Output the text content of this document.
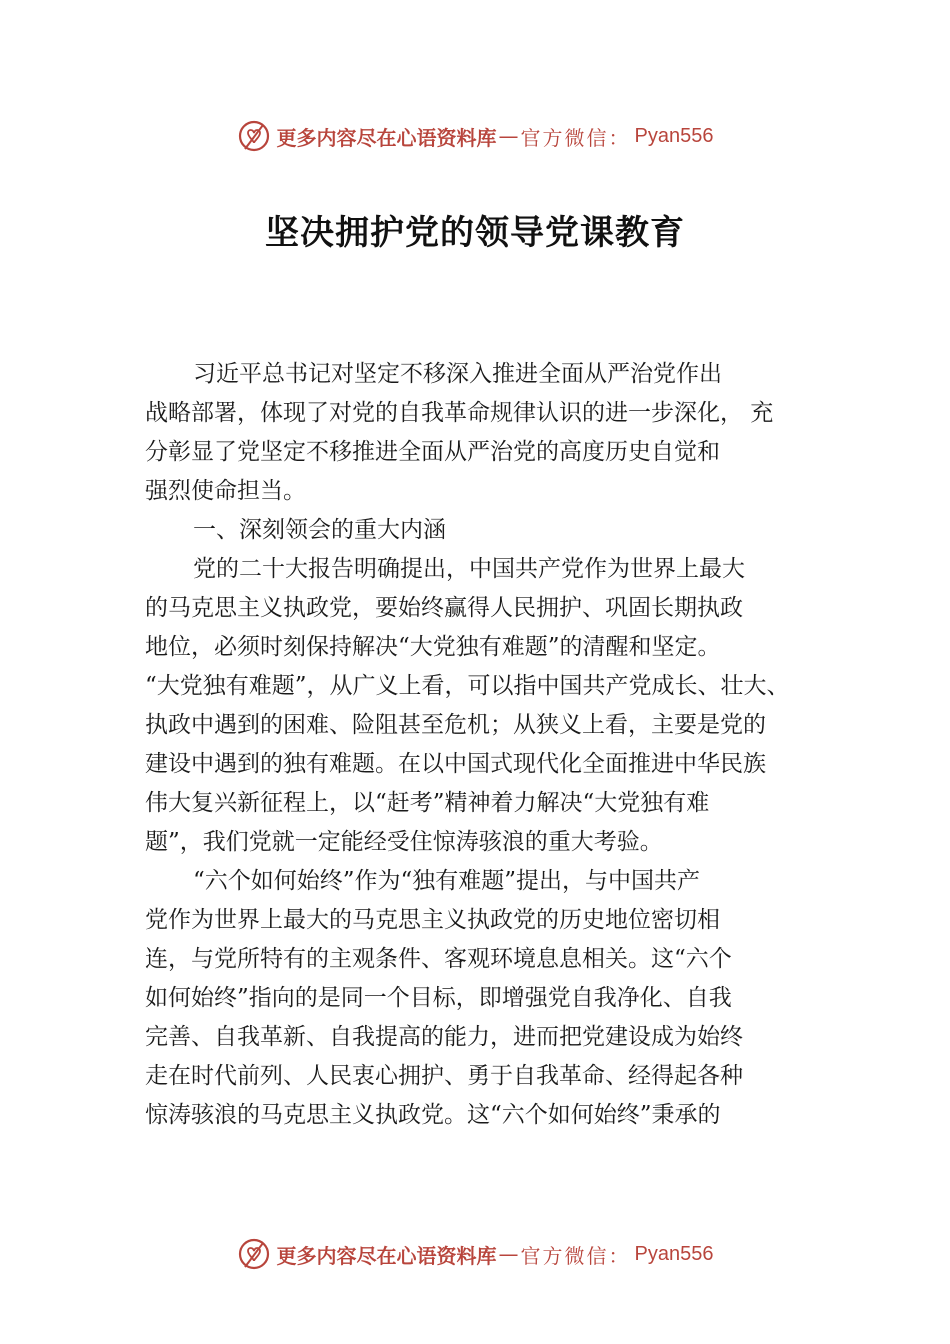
更多内容尽在心语资料库 — 官方微信： Pyan556
坚决拥护党的领导党课教育
习近平总书记对坚定不移深入推进全面从严治党作出
战略部署，体现了对党的自我革命规律认识的进一步深化， 充
分彰显了党坚定不移推进全面从严治党的高度历史自觉和
强烈使命担当。
一、深刻领会的重大内涵
党的二十大报告明确提出，中国共产党作为世界上最大
的马克思主义执政党，要始终赢得人民拥护、巩固长期执政
地位，必须时刻保持解决“大党独有难题”的清醒和坚定。
“大党独有难题”，从广义上看，可以指中国共产党成长、壮大、
执政中遇到的困难、险阻甚至危机；从狭义上看，主要是党的
建设中遇到的独有难题。在以中国式现代化全面推进中华民族
伟大复兴新征程上，以“赶考”精神着力解决“大党独有难
题”，我们党就一定能经受住惊涛骇浪的重大考验。
“六个如何始终”作为“独有难题”提出，与中国共产
党作为世界上最大的马克思主义执政党的历史地位密切相
连，与党所特有的主观条件、客观环境息息相关。这“六个
如何始终”指向的是同一个目标，即增强党自我净化、自我
完善、自我革新、自我提高的能力，进而把党建设成为始终
走在时代前列、人民衷心拥护、勇于自我革命、经得起各种
惊涛骇浪的马克思主义执政党。这“六个如何始终”秉承的
更多内容尽在心语资料库 — 官方微信： Pyan556
